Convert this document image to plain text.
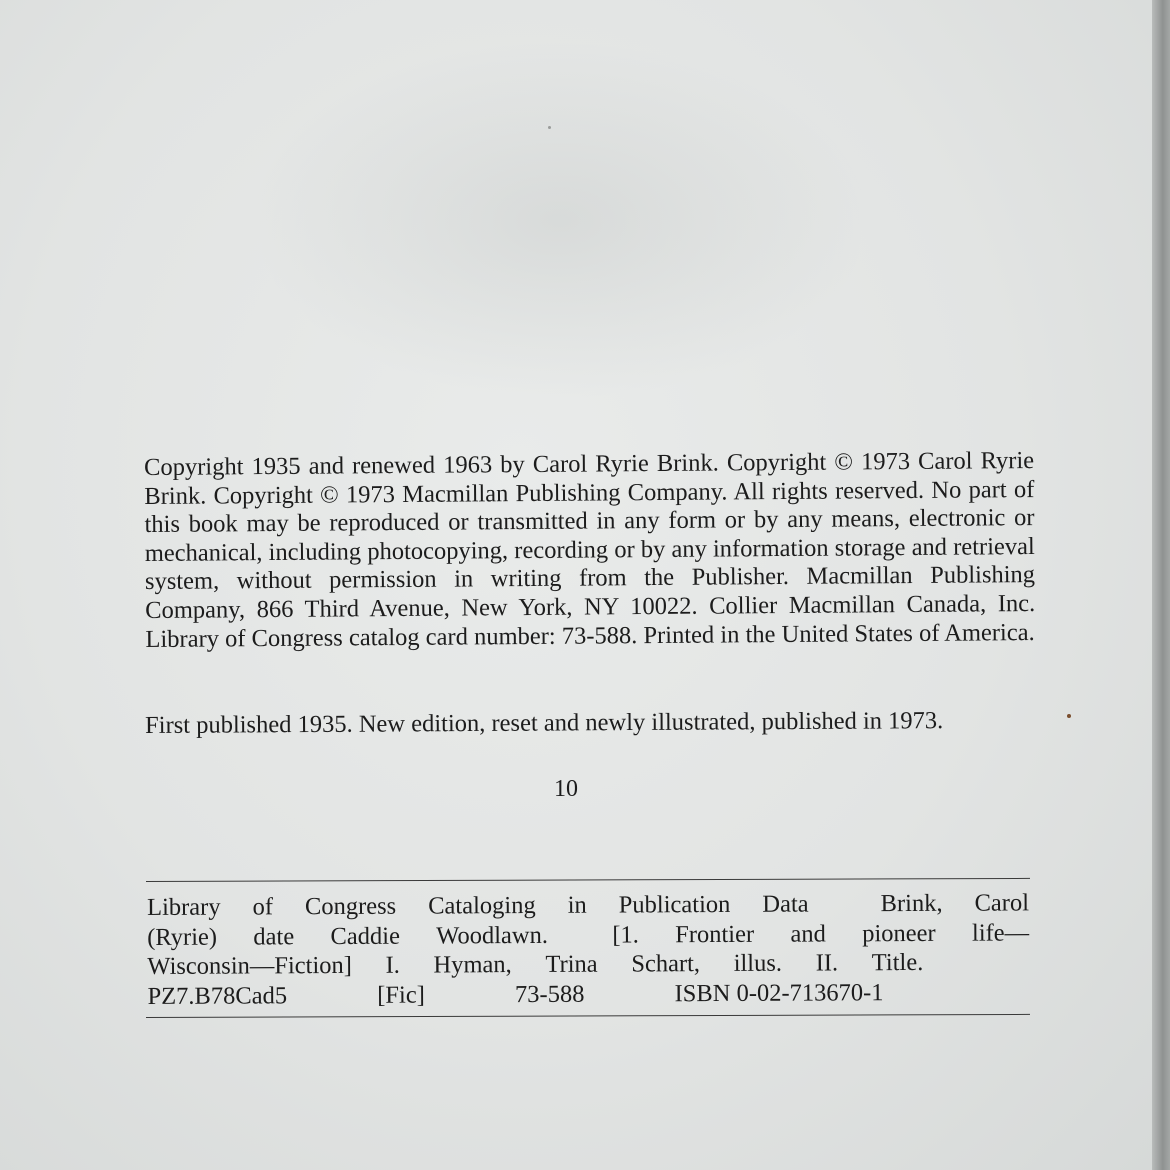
Copyright 1935 and renewed 1963 by Carol Ryrie Brink. Copyright © 1973 Carol Ryrie Brink. Copyright © 1973 Macmillan Publishing Company. All rights reserved. No part of this book may be reproduced or transmitted in any form or by any means, electronic or mechanical, including photocopying, recording or by any information storage and retrieval system, without permission in writing from the Publisher. Macmillan Publishing Company, 866 Third Avenue, New York, NY 10022. Collier Macmillan Canada, Inc. Library of Congress catalog card number: 73-588. Printed in the United States of America.

First published 1935. New edition, reset and newly illustrated, published in 1973.
10
Library of Congress Cataloging in Publication Data	Brink, Carol
(Ryrie) date Caddie Woodlawn.	[1. Frontier and pioneer life—
Wisconsin—Fiction] I. Hyman, Trina Schart, illus. II. Title.
PZ7.B78Cad5	[Fic]	73-588	ISBN 0-02-713670-1
